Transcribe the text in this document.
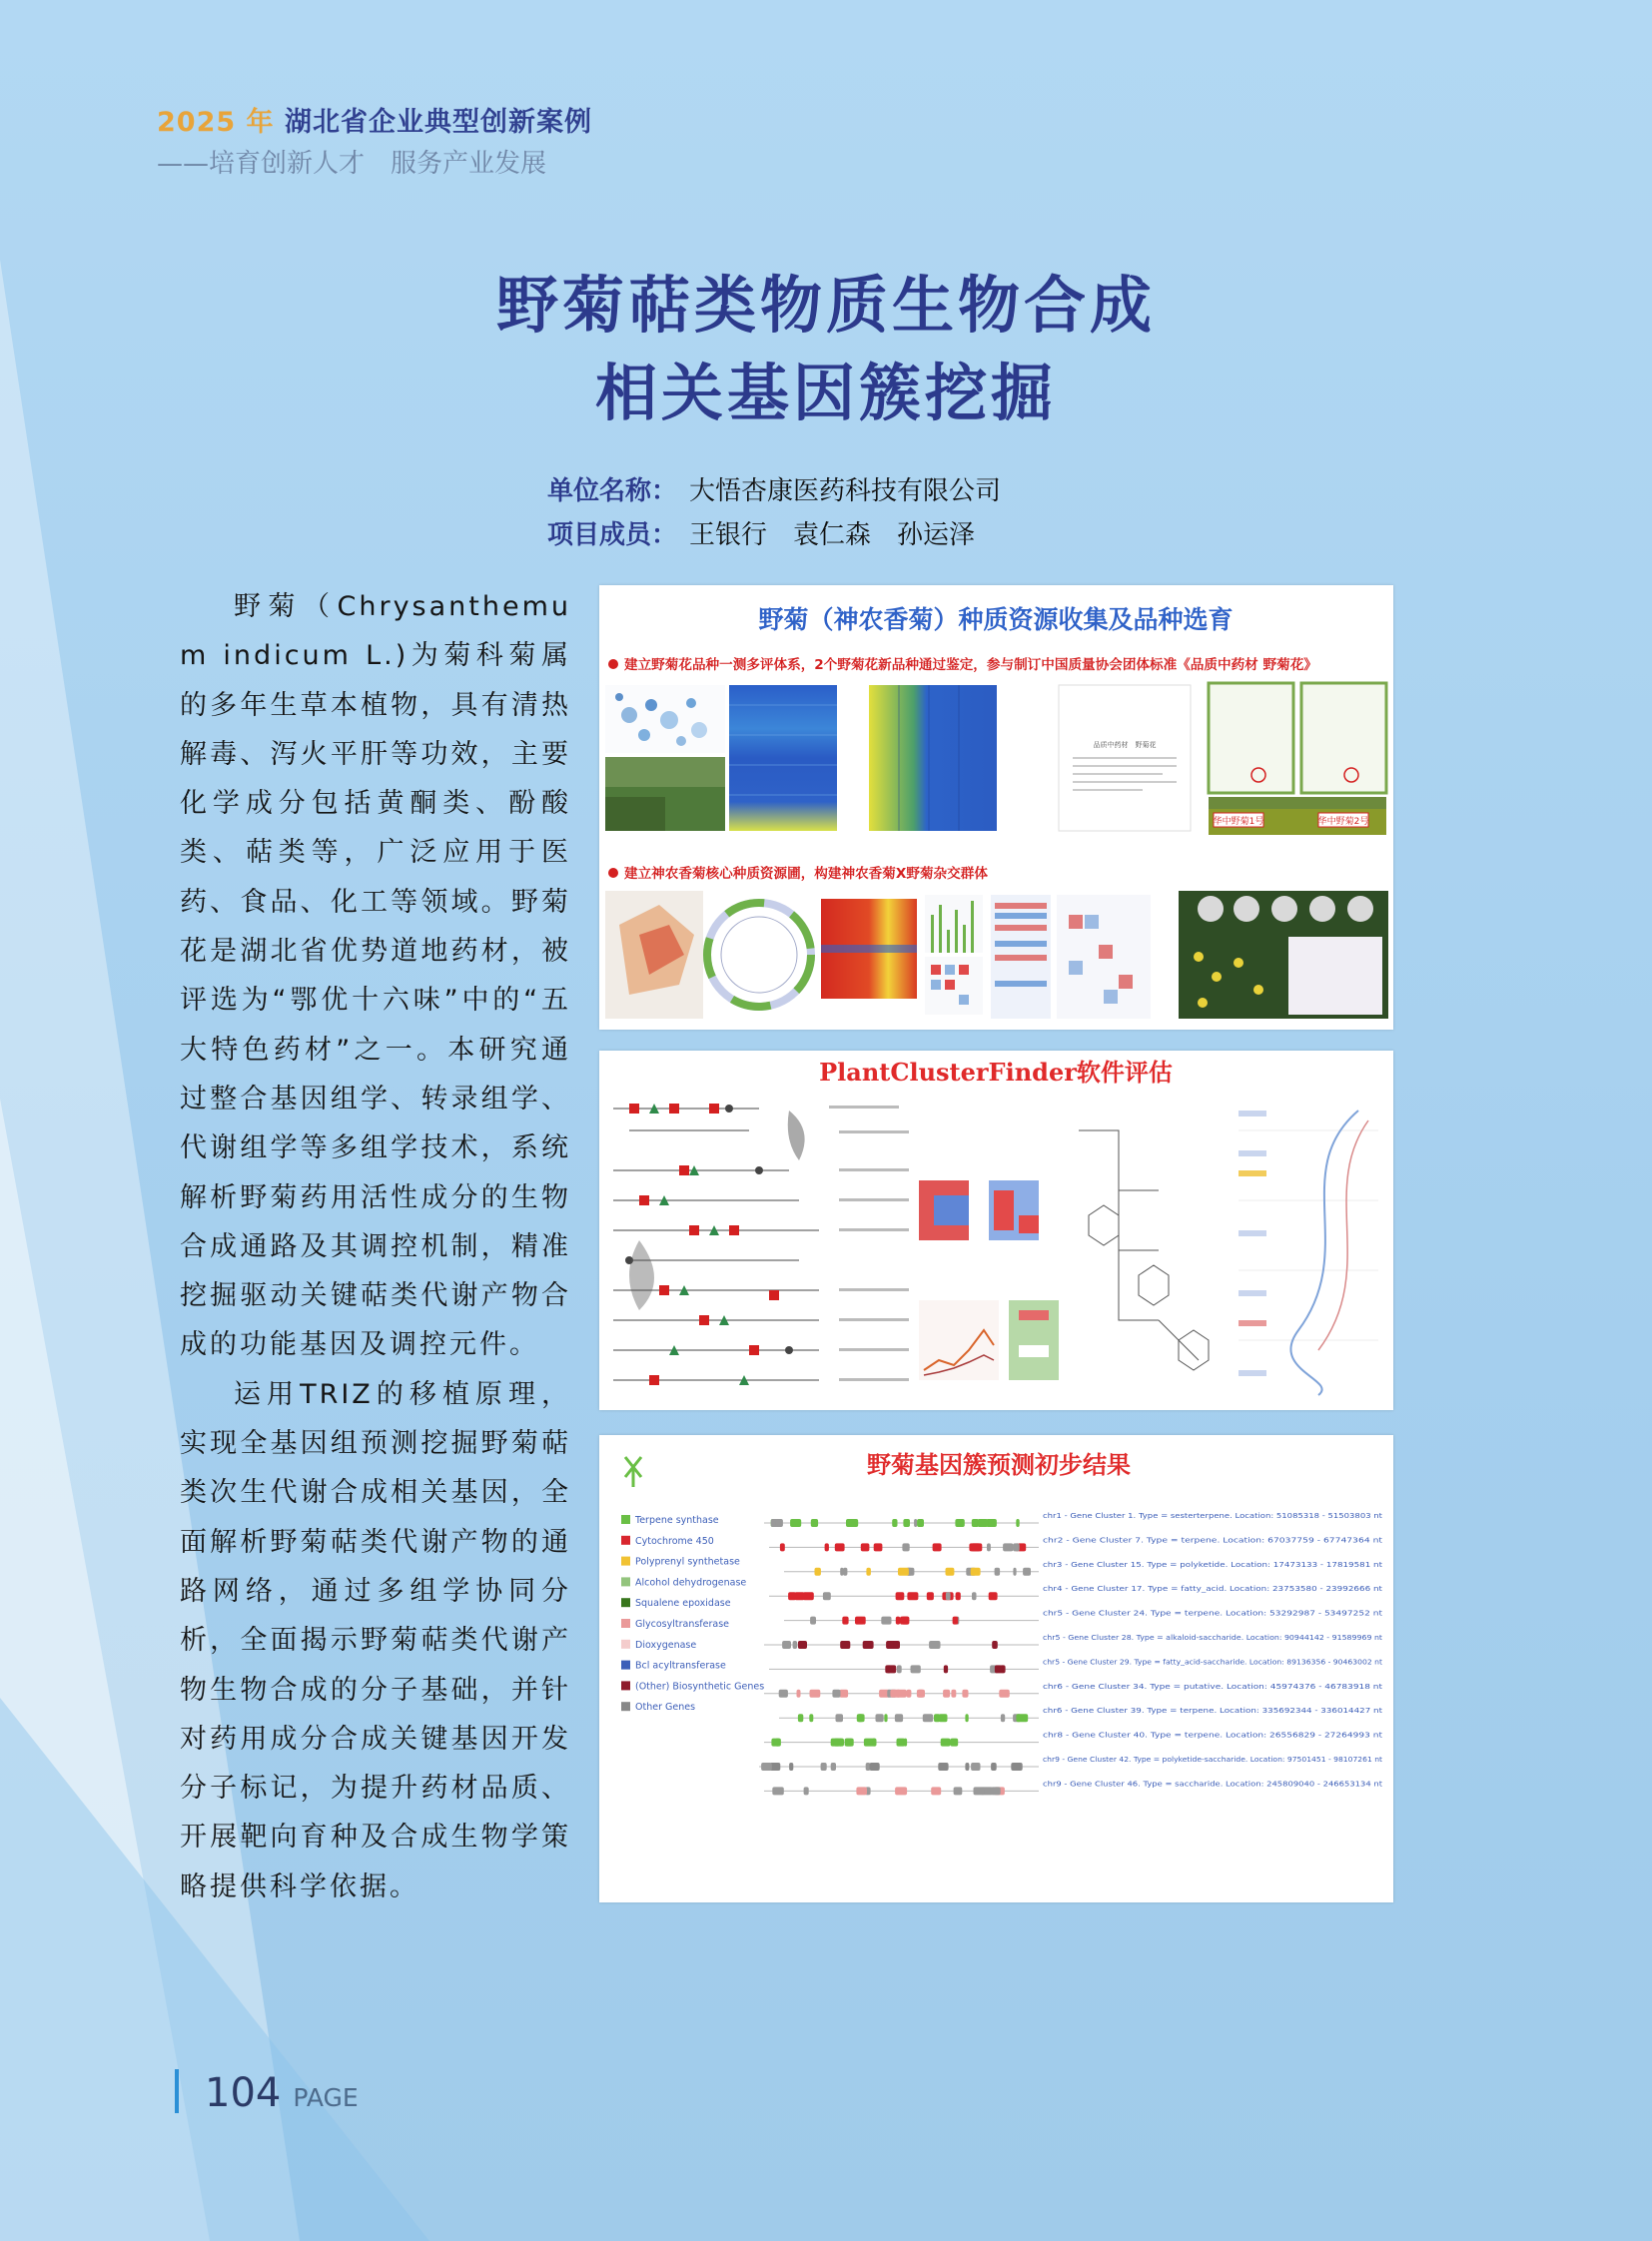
2025 年 湖北省企业典型创新案例
——培育创新人才　服务产业发展
野菊萜类物质生物合成
相关基因簇挖掘
单位名称： 大悟杏康医药科技有限公司
项目成员： 王银行　袁仁森　孙运泽

野菊（Chrysanthemum indicum L.)为菊科菊属的多年生草本植物，具有清热解毒、泻火平肝等功效，主要化学成分包括黄酮类、酚酸类、萜类等，广泛应用于医药、食品、化工等领域。野菊花是湖北省优势道地药材，被评选为“鄂优十六味”中的“五大特色药材”之一。本研究通过整合基因组学、转录组学、代谢组学等多组学技术，系统解析野菊药用活性成分的生物合成通路及其调控机制，精准挖掘驱动关键萜类代谢产物合成的功能基因及调控元件。

运用TRIZ的移植原理，实现全基因组预测挖掘野菊萜类次生代谢合成相关基因，全面解析野菊萜类代谢产物的通路网络，通过多组学协同分析，全面揭示野菊萜类代谢产物生物合成的分子基础，并针对药用成分合成关键基因开发分子标记，为提升药材品质、开展靶向育种及合成生物学策略提供科学依据。

野菊（神农香菊）种质资源收集及品种选育
建立野菊花品种一测多评体系，2个野菊花新品种通过鉴定，参与制订中国质量协会团体标准《品质中药材 野菊花》
品质中药材　野菊花
华中野菊1号	华中野菊2号
建立神农香菊核心种质资源圃，构建神农香菊X野菊杂交群体
PlantClusterFinder软件评估
野菊基因簇预测初步结果
Terpene synthase
Cytochrome 450
Polyprenyl synthetase
Alcohol dehydrogenase
Squalene epoxidase
Glycosyltransferase
Dioxygenase
Bcl acyltransferase
(Other) Biosynthetic Genes
Other Genes
chr1 - Gene Cluster 1. Type = sesterterpene. Location: 51085318 - 51503803 nt
chr2 - Gene Cluster 7. Type = terpene. Location: 67037759 - 67747364 nt
chr3 - Gene Cluster 15. Type = polyketide. Location: 17473133 - 17819581 nt
chr4 - Gene Cluster 17. Type = fatty_acid. Location: 23753580 - 23992666 nt
chr5 - Gene Cluster 24. Type = terpene. Location: 53292987 - 53497252 nt
chr5 - Gene Cluster 28. Type = alkaloid-saccharide. Location: 90944142 - 91589969 nt
chr5 - Gene Cluster 29. Type = fatty_acid-saccharide. Location: 89136356 - 90463002 nt
chr6 - Gene Cluster 34. Type = putative. Location: 45974376 - 46783918 nt
chr6 - Gene Cluster 39. Type = terpene. Location: 335692344 - 336014427 nt
chr8 - Gene Cluster 40. Type = terpene. Location: 26556829 - 27264993 nt
chr9 - Gene Cluster 42. Type = polyketide-saccharide. Location: 97501451 - 98107261 nt
chr9 - Gene Cluster 46. Type = saccharide. Location: 245809040 - 246653134 nt
104 PAGE
